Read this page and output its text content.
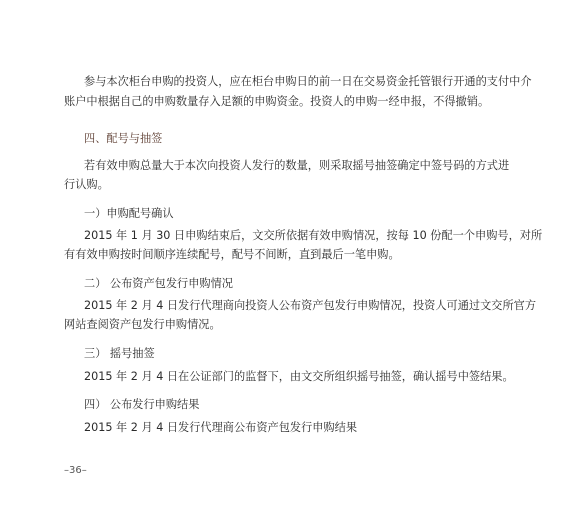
参与本次柜台申购的投资人，应在柜台申购日的前一日在交易资金托管银行开通的支付中介
账户中根据自己的申购数量存入足额的申购资金。投资人的申购一经申报，不得撤销。
四、配号与抽签
若有效申购总量大于本次向投资人发行的数量，则采取摇号抽签确定中签号码的方式进
行认购。
一）申购配号确认
2015 年 1 月 30 日申购结束后，文交所依据有效申购情况，按每 10 份配一个申购号，对所
有有效申购按时间顺序连续配号，配号不间断，直到最后一笔申购。
二） 公布资产包发行申购情况
2015 年 2 月 4 日发行代理商向投资人公布资产包发行申购情况，投资人可通过文交所官方
网站查阅资产包发行申购情况。
三） 摇号抽签
2015 年 2 月 4 日在公证部门的监督下，由文交所组织摇号抽签，确认摇号中签结果。
四） 公布发行申购结果
2015 年 2 月 4 日发行代理商公布资产包发行申购结果
–36–
